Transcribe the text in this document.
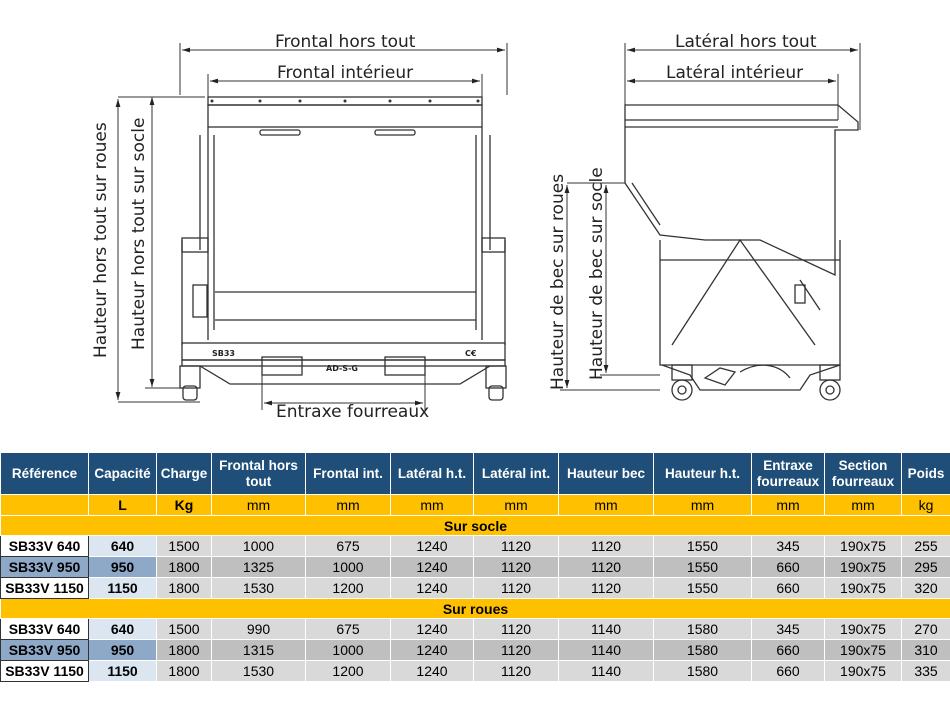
SB33
AD-S-G
C€
Frontal hors tout
Frontal intérieur
Entraxe fourreaux
Hauteur hors tout sur roues Hauteur hors tout sur socle
Latéral hors tout
Latéral intérieur
Hauteur de bec sur roues Hauteur de bec sur socle
Référence	Capacité	Charge	Frontal hors tout	Frontal int.	Latéral h.t.	Latéral int.	Hauteur bec	Hauteur h.t.	Entraxe fourreaux	Section fourreaux	Poids
	L	Kg	mm	mm	mm	mm	mm	mm	mm	mm	kg
Sur socle											
SB33V 640	640	1500	1000	675	1240	1120	1120	1550	345	190x75	255
SB33V 950	950	1800	1325	1000	1240	1120	1120	1550	660	190x75	295
SB33V 1150	1150	1800	1530	1200	1240	1120	1120	1550	660	190x75	320
Sur roues											
SB33V 640	640	1500	990	675	1240	1120	1140	1580	345	190x75	270
SB33V 950	950	1800	1315	1000	1240	1120	1140	1580	660	190x75	310
SB33V 1150	1150	1800	1530	1200	1240	1120	1140	1580	660	190x75	335
